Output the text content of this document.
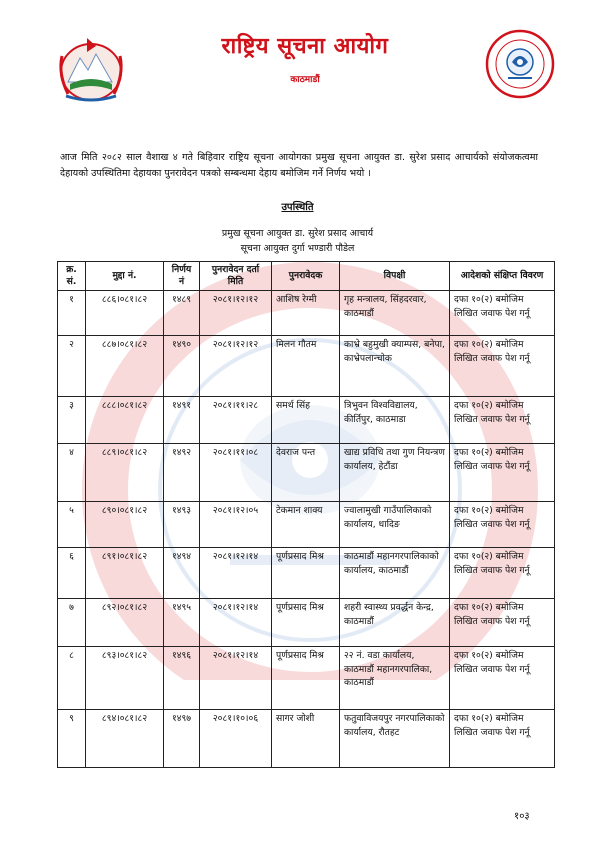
राष्ट्रिय सूचना आयोग
काठमाडौं

आज मिति २०८२ साल वैशाख ४ गते बिहिवार राष्ट्रिय सूचना आयोगका प्रमुख सूचना आयुक्त डा. सुरेश प्रसाद आचार्यको संयोजकत्वमा देहायको उपस्थितिमा देहायका पुनरावेदन पत्रको सम्बन्धमा देहाय बमोजिम गर्ने निर्णय भयो ।

उपस्थिति
प्रमुख सूचना आयुक्त डा. सुरेश प्रसाद आचार्य
सूचना आयुक्त दुर्गा भण्डारी पौडेल
क्र. सं.	मुद्दा नं.	निर्णय नं	पुनरावेदन दर्ता मिति	पुनरावेदक	विपक्षी	आदेशको संक्षिप्त विवरण
१	८८६।०८१।८२	१४८९	२०८१।१२।१२	आशिष रेग्मी	गृह मन्त्रालय, सिंहदरवार, काठमाडौं	दफा १०(२) बमोजिम लिखित जवाफ पेश गर्नू
२	८८७।०८१।८२	१४९०	२०८१।१२।१२	मिलन गौतम	काभ्रे बहुमुखी क्याम्पस, बनेपा, काभ्रेपलान्चोक	दफा १०(२) बमोजिम लिखित जवाफ पेश गर्नू
३	८८८।०८१।८२	१४९१	२०८१।११।२८	समर्थ सिंह	त्रिभुवन विश्वविद्यालय, कीर्तिपुर, काठमाडा	दफा १०(२) बमोजिम लिखित जवाफ पेश गर्नू
४	८८९।०८१।८२	१४९२	२०८१।११।०८	देवराज पन्त	खाद्य प्रविधि तथा गुण नियन्त्रण कार्यालय, हेटौंडा	दफा १०(२) बमोजिम लिखित जवाफ पेश गर्नू
५	८९०।०८१।८२	१४९३	२०८१।१२।०५	टेकमान शाक्य	ज्वालामुखी गाउँपालिकाको कार्यालय, धादिङ	दफा १०(२) बमोजिम लिखित जवाफ पेश गर्नू
६	८९१।०८१।८२	१४९४	२०८१।१२।१४	पूर्णप्रसाद मिश्र	काठमाडौं महानगरपालिकाको कार्यालय, काठमाडौं	दफा १०(२) बमोजिम लिखित जवाफ पेश गर्नू
७	८९२।०८१।८२	१४९५	२०८१।१२।१४	पूर्णप्रसाद मिश्र	शहरी स्वास्थ्य प्रवर्द्धन केन्द्र, काठमाडौं	दफा १०(२) बमोजिम लिखित जवाफ पेश गर्नू
८	८९३।०८१।८२	१४९६	२०८१।१२।१४	पूर्णप्रसाद मिश्र	२२ नं. वडा कार्यालय, काठमाडौं महानगरपालिका, काठमाडौं	दफा १०(२) बमोजिम लिखित जवाफ पेश गर्नू
९	८९४।०८१।८२	१४९७	२०८१।१०।०६	सागर जोशी	फतुवाविजयपुर नगरपालिकाको कार्यालय, रौतहट	दफा १०(२) बमोजिम लिखित जवाफ पेश गर्नू
१०३
